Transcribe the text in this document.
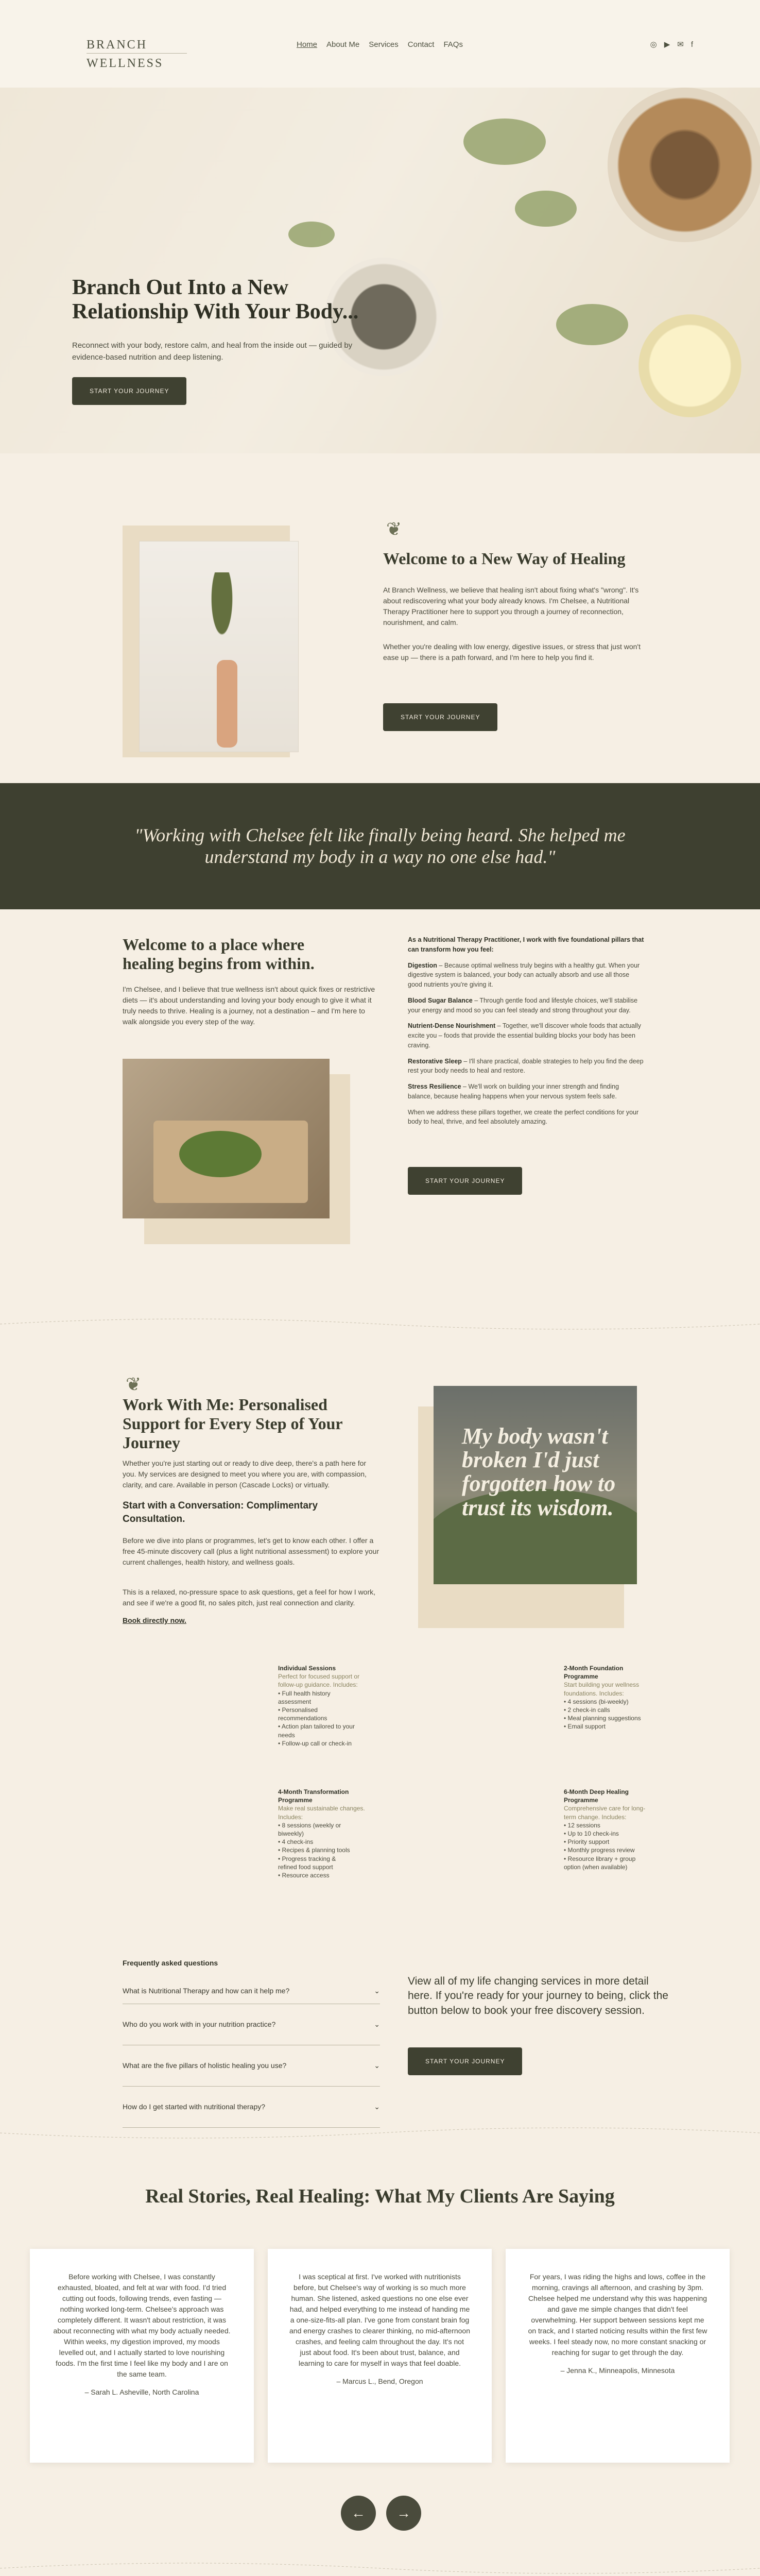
BRANCH WELLNESS
Home About Me Services Contact FAQs	◎ ▶ ✉ f
Branch Out Into a New Relationship With Your Body...

Reconnect with your body, restore calm, and heal from the inside out — guided by evidence-based nutrition and deep listening.

START YOUR JOURNEY
❦
Welcome to a New Way of Healing

At Branch Wellness, we believe that healing isn't about fixing what's "wrong". It's about rediscovering what your body already knows. I'm Chelsee, a Nutritional Therapy Practitioner here to support you through a journey of reconnection, nourishment, and calm.

Whether you're dealing with low energy, digestive issues, or stress that just won't ease up — there is a path forward, and I'm here to help you find it.

START YOUR JOURNEY

"Working with Chelsee felt like finally being heard. She helped me understand my body in a way no one else had."

Welcome to a place where healing begins from within.

I'm Chelsee, and I believe that true wellness isn't about quick fixes or restrictive diets — it's about understanding and loving your body enough to give it what it truly needs to thrive. Healing is a journey, not a destination – and I'm here to walk alongside you every step of the way.

As a Nutritional Therapy Practitioner, I work with five foundational pillars that can transform how you feel:

Digestion – Because optimal wellness truly begins with a healthy gut. When your digestive system is balanced, your body can actually absorb and use all those good nutrients you're giving it.

Blood Sugar Balance – Through gentle food and lifestyle choices, we'll stabilise your energy and mood so you can feel steady and strong throughout your day.

Nutrient-Dense Nourishment – Together, we'll discover whole foods that actually excite you – foods that provide the essential building blocks your body has been craving.

Restorative Sleep – I'll share practical, doable strategies to help you find the deep rest your body needs to heal and restore.

Stress Resilience – We'll work on building your inner strength and finding balance, because healing happens when your nervous system feels safe.

When we address these pillars together, we create the perfect conditions for your body to heal, thrive, and feel absolutely amazing.

START YOUR JOURNEY
❦
Work With Me: Personalised Support for Every Step of Your Journey

Whether you're just starting out or ready to dive deep, there's a path here for you. My services are designed to meet you where you are, with compassion, clarity, and care. Available in person (Cascade Locks) or virtually.

Start with a Conversation: Complimentary Consultation.

Before we dive into plans or programmes, let's get to know each other. I offer a free 45-minute discovery call (plus a light nutritional assessment) to explore your current challenges, health history, and wellness goals.

This is a relaxed, no-pressure space to ask questions, get a feel for how I work, and see if we're a good fit, no sales pitch, just real connection and clarity.

Book directly now.

My body wasn't broken I'd just forgotten how to trust its wisdom.

Individual Sessions
Perfect for focused support or follow-up guidance. Includes:
• Full health history
assessment
• Personalised
recommendations
• Action plan tailored to your
needs
• Follow-up call or check-in
2-Month Foundation Programme
Start building your wellness foundations. Includes:
• 4 sessions (bi-weekly)
• 2 check-in calls
• Meal planning suggestions
• Email support
4-Month Transformation Programme
Make real sustainable changes. Includes:
• 8 sessions (weekly or
biweekly)
• 4 check-ins
• Recipes & planning tools
• Progress tracking &
refined food support
• Resource access
6-Month Deep Healing Programme
Comprehensive care for long-term change. Includes:
• 12 sessions
• Up to 10 check-ins
• Priority support
• Monthly progress review
• Resource library + group
option (when available)
Frequently asked questions
What is Nutritional Therapy and how can it help me?	⌄
Who do you work with in your nutrition practice?	⌄
What are the five pillars of holistic healing you use?	⌄
How do I get started with nutritional therapy?	⌄

View all of my life changing services in more detail here. If you're ready for your journey to being, click the button below to book your free discovery session.

START YOUR JOURNEY
Real Stories, Real Healing: What My Clients Are Saying

Before working with Chelsee, I was constantly exhausted, bloated, and felt at war with food. I'd tried cutting out foods, following trends, even fasting — nothing worked long-term. Chelsee's approach was completely different. It wasn't about restriction, it was about reconnecting with what my body actually needed. Within weeks, my digestion improved, my moods levelled out, and I actually started to love nourishing foods. I'm the first time I feel like my body and I are on the same team.

– Sarah L. Asheville, North Carolina

I was sceptical at first. I've worked with nutritionists before, but Chelsee's way of working is so much more human. She listened, asked questions no one else ever had, and helped everything to me instead of handing me a one-size-fits-all plan. I've gone from constant brain fog and energy crashes to clearer thinking, no mid-afternoon crashes, and feeling calm throughout the day. It's not just about food. It's been about trust, balance, and learning to care for myself in ways that feel doable.

– Marcus L., Bend, Oregon

For years, I was riding the highs and lows, coffee in the morning, cravings all afternoon, and crashing by 3pm. Chelsee helped me understand why this was happening and gave me simple changes that didn't feel overwhelming. Her support between sessions kept me on track, and I started noticing results within the first few weeks. I feel steady now, no more constant snacking or reaching for sugar to get through the day.

– Jenna K., Minneapolis, Minnesota

←	→
